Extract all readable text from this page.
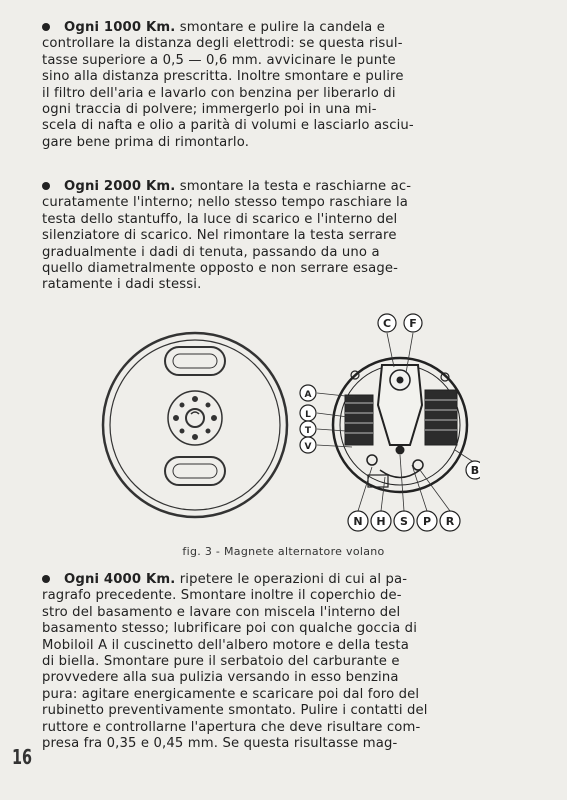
Ogni 1000 Km. smontare e pulire la candela e
controllare la distanza degli elettrodi: se questa risul-
tasse superiore a 0,5 — 0,6 mm. avvicinare le punte
sino alla distanza prescritta. Inoltre smontare e pulire
il filtro dell'aria e lavarlo con benzina per liberarlo di
ogni traccia di polvere; immergerlo poi in una mi-
scela di nafta e olio a parità di volumi e lasciarlo asciu-
gare bene prima di rimontarlo.
Ogni 2000 Km. smontare la testa e raschiarne ac-
curatamente l'interno; nello stesso tempo raschiare la
testa dello stantuffo, la luce di scarico e l'interno del
silenziatore di scarico. Nel rimontare la testa serrare
gradualmente i dadi di tenuta, passando da uno a
quello diametralmente opposto e non serrare esage-
ratamente i dadi stessi.
C F
A
L
T
V
B
N H S P R
fig. 3 - Magnete alternatore volano
Ogni 4000 Km. ripetere le operazioni di cui al pa-
ragrafo precedente. Smontare inoltre il coperchio de-
stro del basamento e lavare con miscela l'interno del
basamento stesso; lubrificare poi con qualche goccia di
Mobiloil A il cuscinetto dell'albero motore e della testa
di biella. Smontare pure il serbatoio del carburante e
provvedere alla sua pulizia versando in esso benzina
pura: agitare energicamente e scaricare poi dal foro del
rubinetto preventivamente smontato. Pulire i contatti del
ruttore e controllarne l'apertura che deve risultare com-
presa fra 0,35 e 0,45 mm. Se questa risultasse mag-
16
